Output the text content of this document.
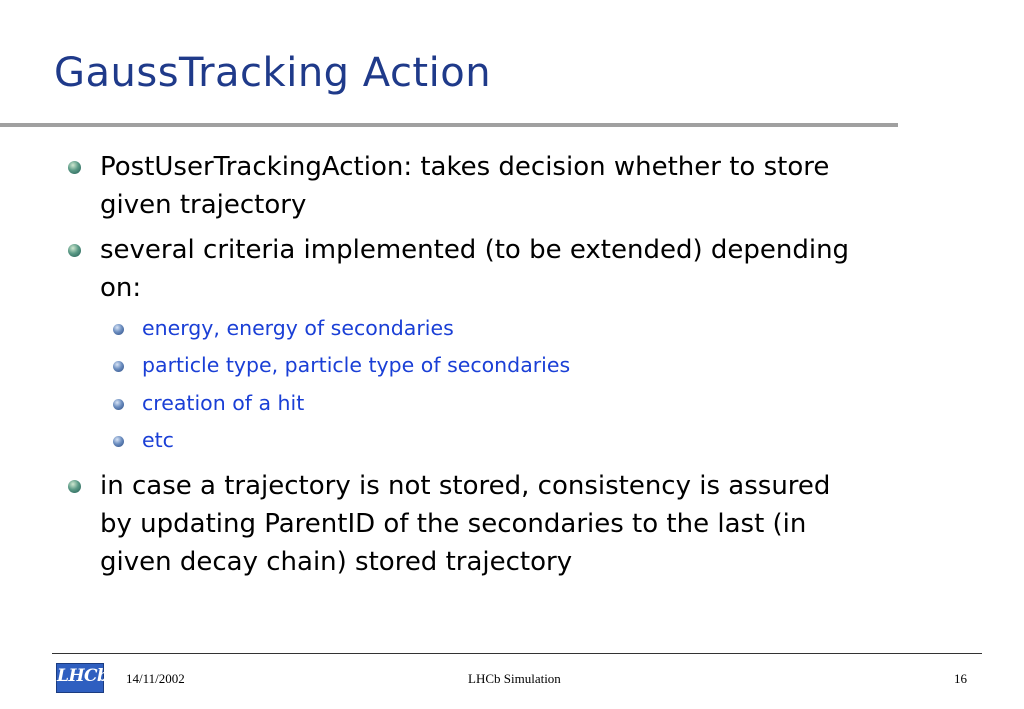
GaussTracking Action
PostUserTrackingAction: takes decision whether to store
given trajectory
several criteria implemented (to be extended) depending
on:
energy, energy of secondaries
particle type, particle type of secondaries
creation of a hit
etc
in case a trajectory is not stored, consistency is assured
by updating ParentID of the secondaries to the last (in
given decay chain) stored trajectory
LHCb 14/11/2002	LHCb Simulation	16
